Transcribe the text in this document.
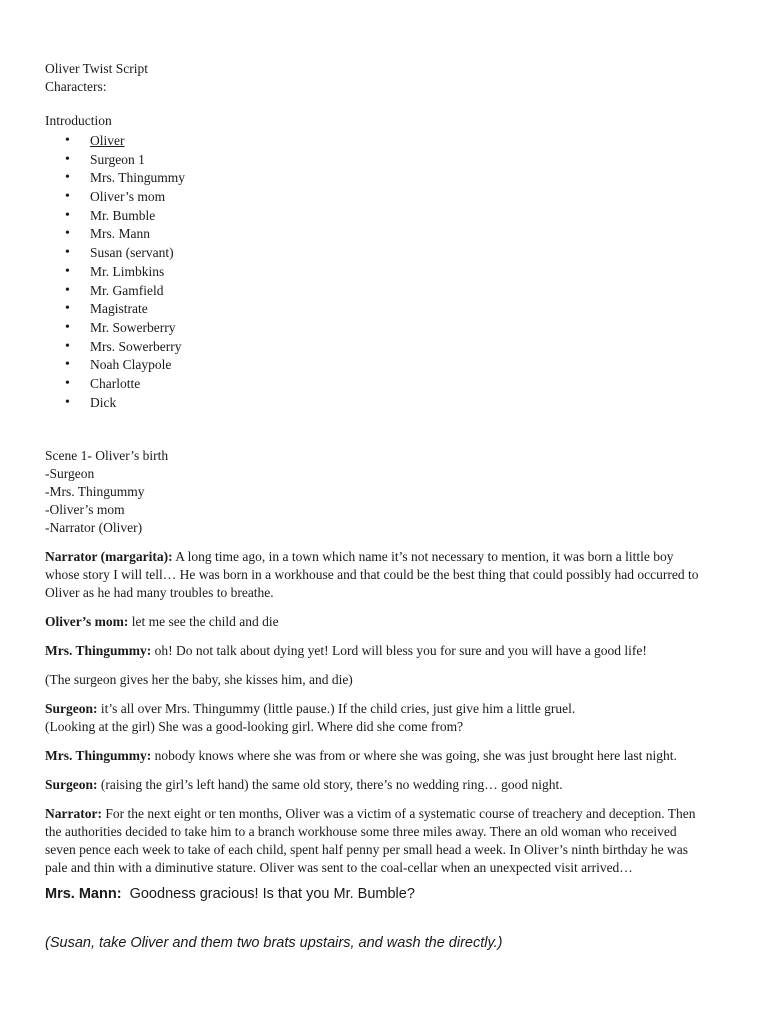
Oliver Twist Script

Characters:

Introduction

• Oliver
• Surgeon 1
• Mrs. Thingummy
• Oliver’s mom
• Mr. Bumble
• Mrs. Mann
• Susan (servant)
• Mr. Limbkins
• Mr. Gamfield
• Magistrate
• Mr. Sowerberry
• Mrs. Sowerberry
• Noah Claypole
• Charlotte
• Dick

Scene 1- Oliver’s birth

-Surgeon

-Mrs. Thingummy

-Oliver’s mom

-Narrator (Oliver)

Narrator (margarita): A long time ago, in a town which name it’s not necessary to mention, it was born a little boy
whose story I will tell… He was born in a workhouse and that could be the best thing that could possibly had occurred to
Oliver as he had many troubles to breathe.

Oliver’s mom: let me see the child and die

Mrs. Thingummy: oh! Do not talk about dying yet! Lord will bless you for sure and you will have a good life!

(The surgeon gives her the baby, she kisses him, and die)

Surgeon: it’s all over Mrs. Thingummy (little pause.) If the child cries, just give him a little gruel.
(Looking at the girl) She was a good-looking girl. Where did she come from?

Mrs. Thingummy: nobody knows where she was from or where she was going, she was just brought here last night.

Surgeon: (raising the girl’s left hand) the same old story, there’s no wedding ring… good night.

Narrator: For the next eight or ten months, Oliver was a victim of a systematic course of treachery and deception. Then
the authorities decided to take him to a branch workhouse some three miles away. There an old woman who received
seven pence each week to take of each child, spent half penny per small head a week. In Oliver’s ninth birthday he was
pale and thin with a diminutive stature. Oliver was sent to the coal-cellar when an unexpected visit arrived…

Mrs. Mann: Goodness gracious! Is that you Mr. Bumble?
(Susan, take Oliver and them two brats upstairs, and wash the directly.)
